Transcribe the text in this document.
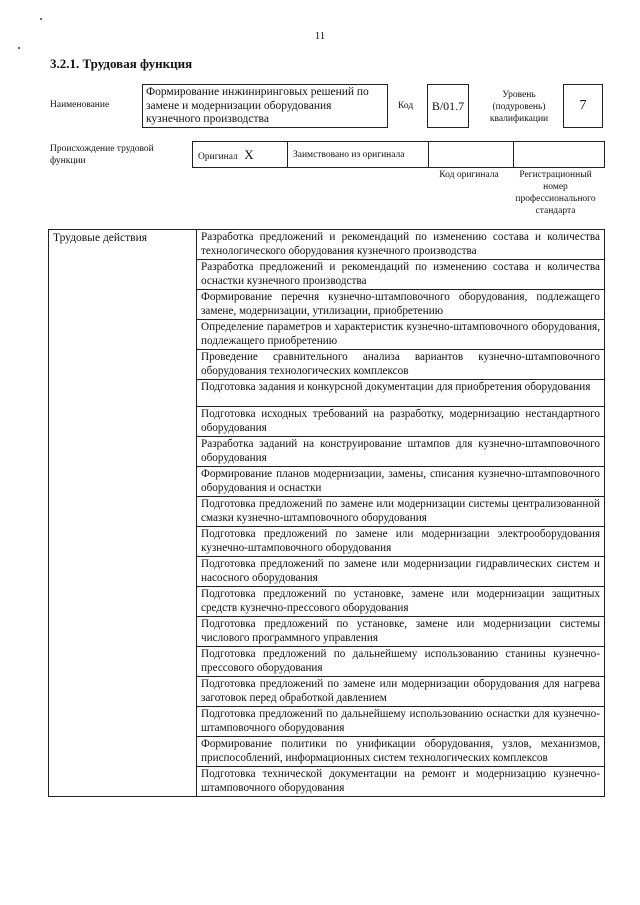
11
3.2.1. Трудовая функция
Наименование
Формирование инжиниринговых решений по замене и модернизации оборудования кузнечного производства
Код	В/01.7
Уровень (подуровень) квалификации
7
Происхождение трудовой функции	Оригинал X	Заимствовано из оригинала		
Код оригинала	Регистрационный номер профессионального стандарта
Трудовые действия	Разработка предложений и рекомендаций по изменению состава и количества технологического оборудования кузнечного производства
Разработка предложений и рекомендаций по изменению состава и количества оснастки кузнечного производства
Формирование перечня кузнечно-штамповочного оборудования, подлежащего замене, модернизации, утилизации, приобретению
Определение параметров и характеристик кузнечно-штамповочного оборудования, подлежащего приобретению
Проведение сравнительного анализа вариантов кузнечно-штамповочного оборудования технологических комплексов
Подготовка задания и конкурсной документации для приобретения оборудования
Подготовка исходных требований на разработку, модернизацию нестандартного оборудования
Разработка заданий на конструирование штампов для кузнечно-штамповочного оборудования
Формирование планов модернизации, замены, списания кузнечно-штамповочного оборудования и оснастки
Подготовка предложений по замене или модернизации системы централизованной смазки кузнечно-штамповочного оборудования
Подготовка предложений по замене или модернизации электрооборудования кузнечно-штамповочного оборудования
Подготовка предложений по замене или модернизации гидравлических систем и насосного оборудования
Подготовка предложений по установке, замене или модернизации защитных средств кузнечно-прессового оборудования
Подготовка предложений по установке, замене или модернизации системы числового программного управления
Подготовка предложений по дальнейшему использованию станины кузнечно-прессового оборудования
Подготовка предложений по замене или модернизации оборудования для нагрева заготовок перед обработкой давлением
Подготовка предложений по дальнейшему использованию оснастки для кузнечно-штамповочного оборудования
Формирование политики по унификации оборудования, узлов, механизмов, приспособлений, информационных систем технологических комплексов
Подготовка технической документации на ремонт и модернизацию кузнечно-штамповочного оборудования
